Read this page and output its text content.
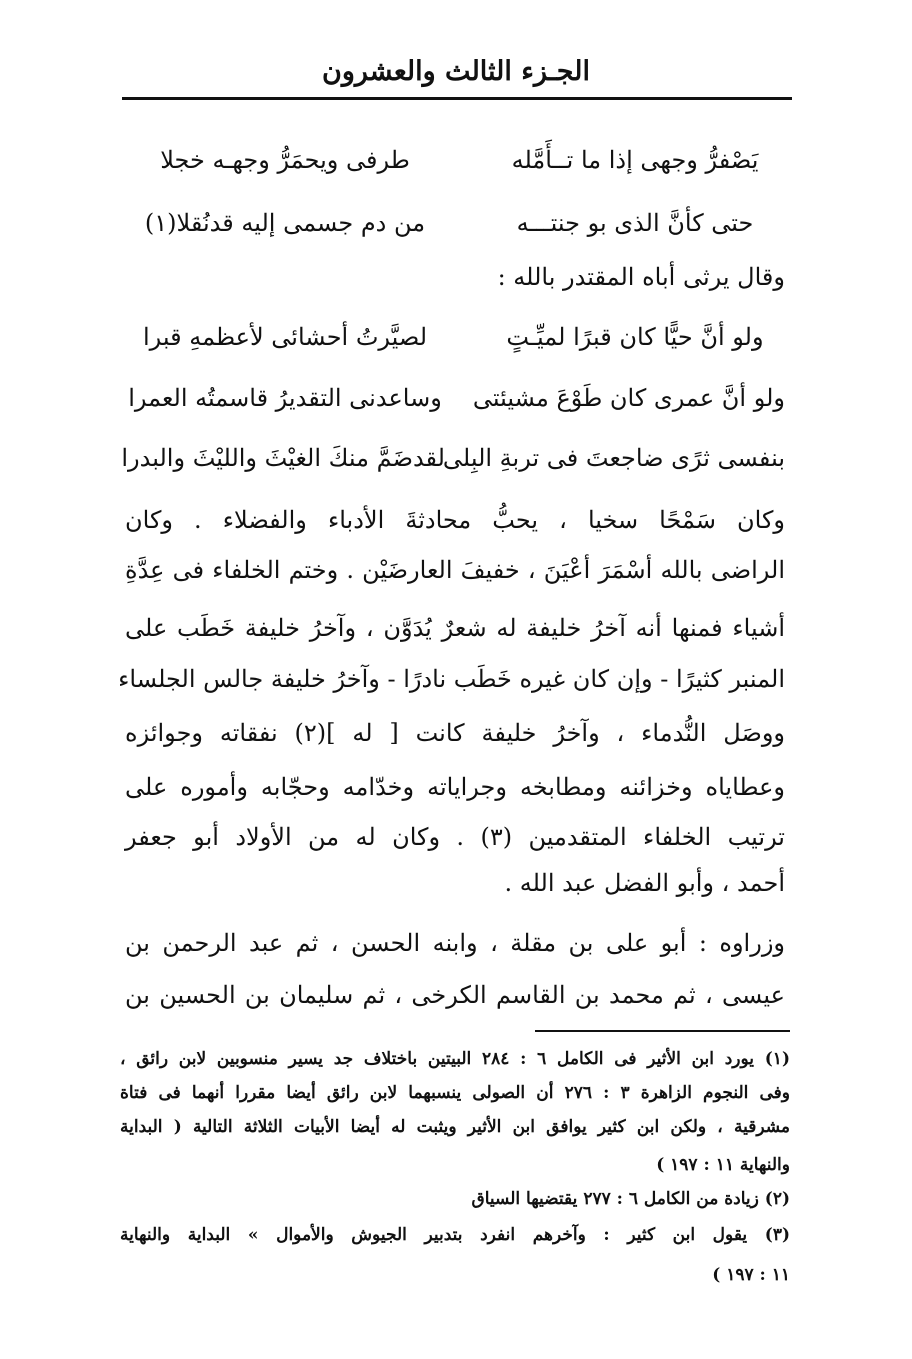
الجـزء الثالث والعشرون
يَصْفرُّ وجهى إذا ما تــأَمَّله
طرفى ويحمَرُّ وجهـه خجلا
حتى كأنَّ الذى بو جنتـــه
من دم جسمى إليه قدنُقلا(١)
وقال يرثى أباه المقتدر بالله :
ولو أنَّ حيًّا كان قبرًا لميِّـتٍ
لصيَّرتُ أحشائى لأعظمهِ قبرا
ولو أنَّ عمرى كان طَوْعَ مشيئتى
وساعدنى التقديرُ قاسمتُه العمرا
بنفسى ثرًى ضاجعتَ فى تربةِ البِلى
لقدضَمَّ منكَ الغيْثَ والليْثَ والبدرا
وكان سَمْحًا سخيا ، يحبُّ محادثةَ الأدباء والفضلاء . وكان
الراضى بالله أسْمَرَ أعْيَنَ ، خفيفَ العارضَيْن . وختم الخلفاء فى عِدَّةِ
أشياء فمنها أنه آخرُ خليفة له شعرٌ يُدَوَّن ، وآخرُ خليفة خَطَب على
المنبر كثيرًا - وإن كان غيره خَطَب نادرًا - وآخرُ خليفة جالس الجلساء
ووصَل النُّدماء ، وآخرُ خليفة كانت [ له ](٢) نفقاته وجوائزه
وعطاياه وخزائنه ومطابخه وجراياته وخدّامه وحجّابه وأموره على
ترتيب الخلفاء المتقدمين (٣) . وكان له من الأولاد أبو جعفر
أحمد ، وأبو الفضل عبد الله .
وزراوه : أبو على بن مقلة ، وابنه الحسن ، ثم عبد الرحمن بن
عيسى ، ثم محمد بن القاسم الكرخى ، ثم سليمان بن الحسين بن
(١) يورد ابن الأثير فى الكامل ٦ : ٢٨٤ البيتين باختلاف جد يسير منسوبين لابن رائق ،
وفى النجوم الزاهرة ٣ : ٢٧٦ أن الصولى ينسبهما لابن رائق أيضا مقررا أنهما فى فتاة
مشرقية ، ولكن ابن كثير يوافق ابن الأثير ويثبت له أيضا الأبيات الثلاثة التالية ( البداية
والنهاية ١١ : ١٩٧ )
(٢) زيادة من الكامل ٦ : ٢٧٧ يقتضيها السياق
(٣) يقول ابن كثير : وآخرهم انفرد بتدبير الجيوش والأموال » البداية والنهاية
١١ : ١٩٧ )
